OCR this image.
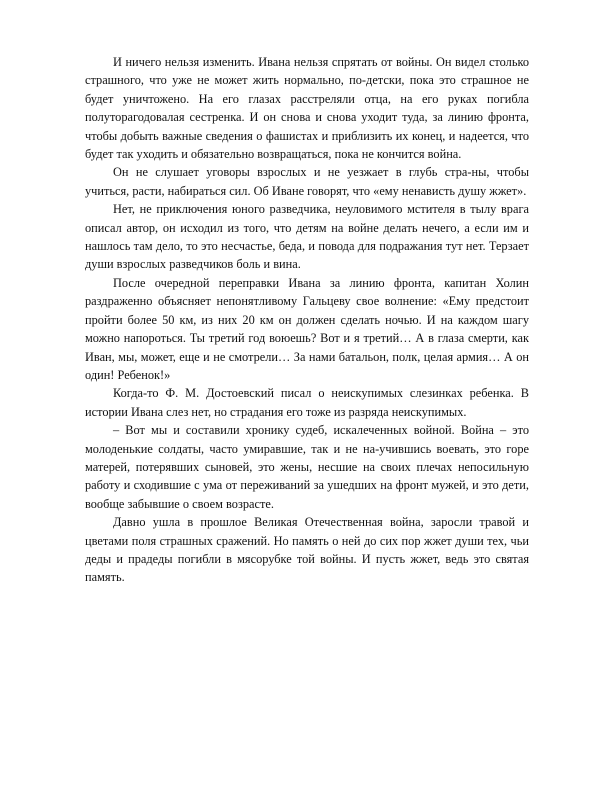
И ничего нельзя изменить. Ивана нельзя спрятать от войны. Он видел столько страшного, что уже не может жить нормально, по-детски, пока это страшное не будет уничтожено. На его глазах расстреляли отца, на его руках погибла полуторагодовалая сестренка. И он снова и снова уходит туда, за линию фронта, чтобы добыть важные сведения о фашистах и приблизить их конец, и надеется, что будет так уходить и обязательно возвращаться, пока не кончится война.

Он не слушает уговоры взрослых и не уезжает в глубь стра-ны, чтобы учиться, расти, набираться сил. Об Иване говорят, что «ему ненависть душу жжет».

Нет, не приключения юного разведчика, неуловимого мстителя в тылу врага описал автор, он исходил из того, что детям на войне делать нечего, а если им и нашлось там дело, то это несчастье, беда, и повода для подражания тут нет. Терзает души взрослых разведчиков боль и вина.

После очередной переправки Ивана за линию фронта, капитан Холин раздраженно объясняет непонятливому Гальцеву свое волнение: «Ему предстоит пройти более 50 км, из них 20 км он должен сделать ночью. И на каждом шагу можно напороться. Ты третий год воюешь? Вот и я третий… А в глаза смерти, как Иван, мы, может, еще и не смотрели… За нами батальон, полк, целая армия… А он один! Ребенок!»

Когда-то Ф. М. Достоевский писал о неискупимых слезинках ребенка. В истории Ивана слез нет, но страдания его тоже из разряда неискупимых.

– Вот мы и составили хронику судеб, искалеченных войной. Война – это молоденькие солдаты, часто умиравшие, так и не на-учившись воевать, это горе матерей, потерявших сыновей, это жены, несшие на своих плечах непосильную работу и сходившие с ума от переживаний за ушедших на фронт мужей, и это дети, вообще забывшие о своем возрасте.

Давно ушла в прошлое Великая Отечественная война, заросли травой и цветами поля страшных сражений. Но память о ней до сих пор жжет души тех, чьи деды и прадеды погибли в мясорубке той войны. И пусть жжет, ведь это святая память.
